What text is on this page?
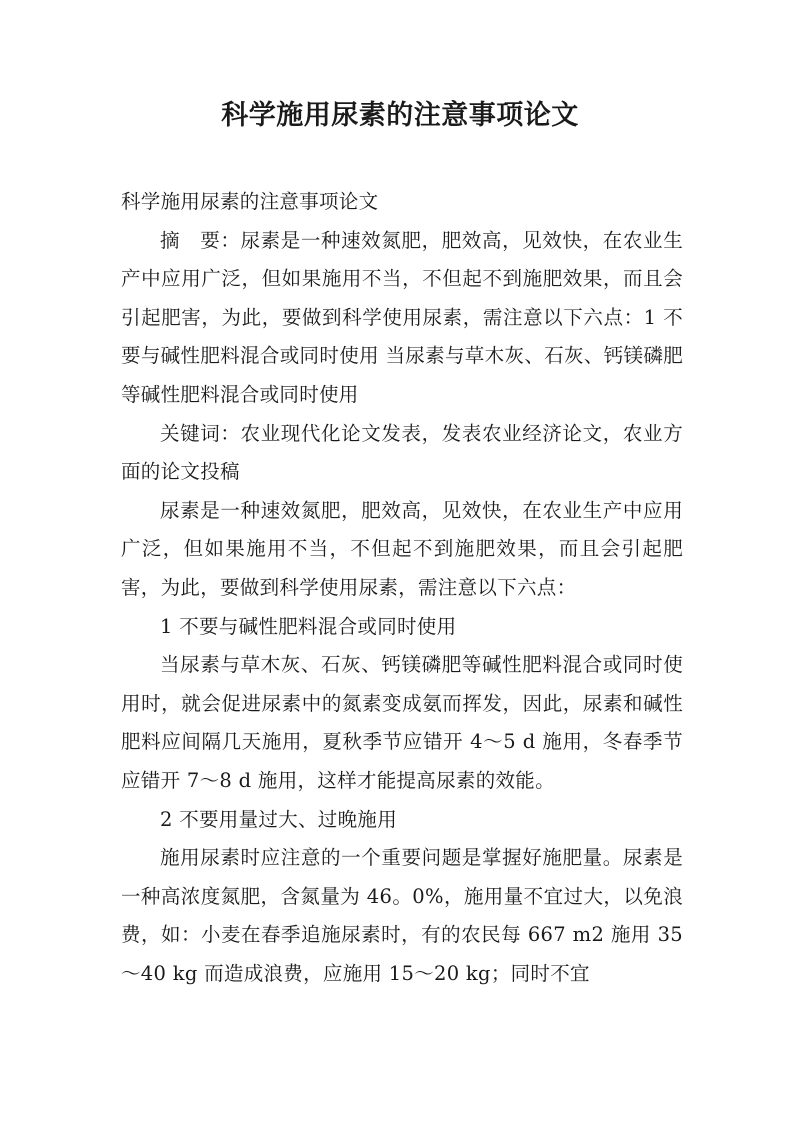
科学施用尿素的注意事项论文

科学施用尿素的注意事项论文

摘　要：尿素是一种速效氮肥，肥效高，见效快，在农业生产中应用广泛，但如果施用不当，不但起不到施肥效果，而且会引起肥害，为此，要做到科学使用尿素，需注意以下六点：1 不要与碱性肥料混合或同时使用 当尿素与草木灰、石灰、钙镁磷肥等碱性肥料混合或同时使用

关键词：农业现代化论文发表，发表农业经济论文，农业方面的论文投稿

尿素是一种速效氮肥，肥效高，见效快，在农业生产中应用广泛，但如果施用不当，不但起不到施肥效果，而且会引起肥害，为此，要做到科学使用尿素，需注意以下六点：

1 不要与碱性肥料混合或同时使用

当尿素与草木灰、石灰、钙镁磷肥等碱性肥料混合或同时使用时，就会促进尿素中的氮素变成氨而挥发，因此，尿素和碱性肥料应间隔几天施用，夏秋季节应错开 4～5 d 施用，冬春季节应错开 7～8 d 施用，这样才能提高尿素的效能。

2 不要用量过大、过晚施用

施用尿素时应注意的一个重要问题是掌握好施肥量。尿素是一种高浓度氮肥，含氮量为 46。0%，施用量不宜过大，以免浪费，如：小麦在春季追施尿素时，有的农民每 667 m2 施用 35～40 kg 而造成浪费，应施用 15～20 kg；同时不宜
